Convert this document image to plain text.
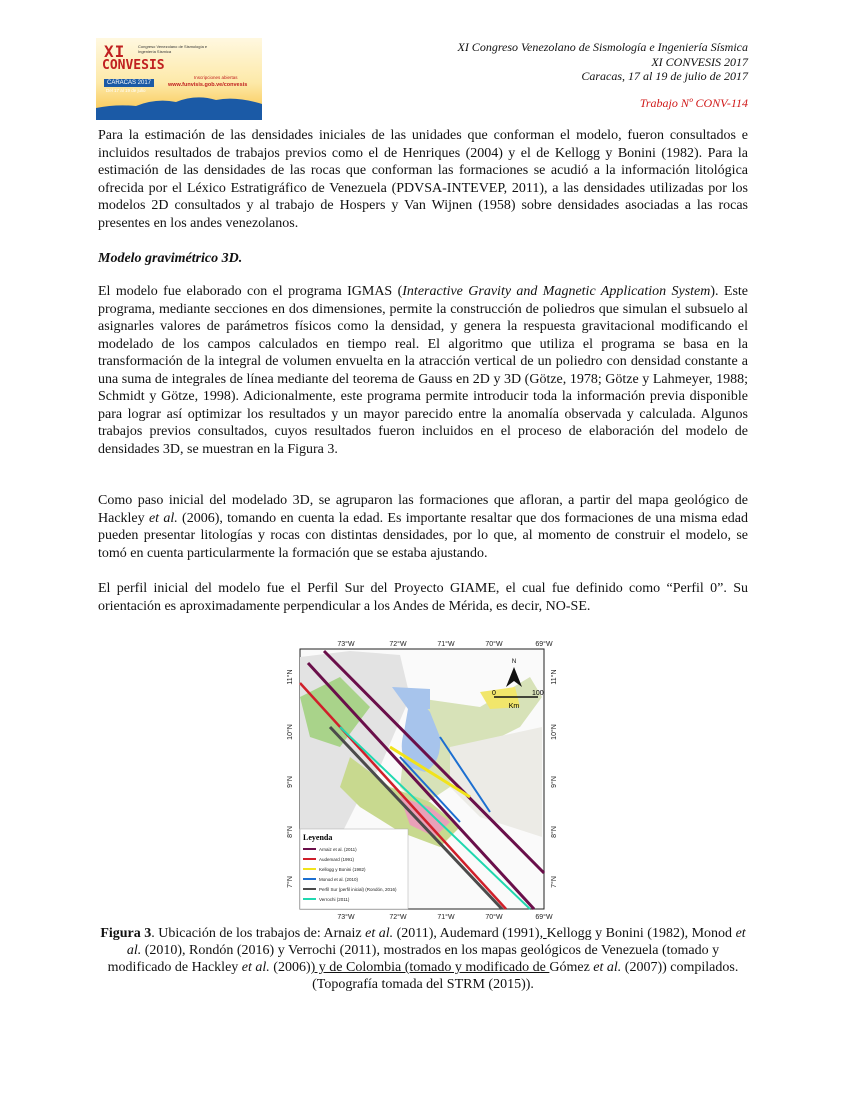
XI	Congreso Venezolano de Sismología e Ingeniería Sísmica
CONVESIS
CARACAS 2017
Inscripciones abiertas
www.funvisis.gob.ve/convesis
Del 17 al 19 de julio
XI Congreso Venezolano de Sismología e Ingeniería Sísmica
XI CONVESIS 2017
Caracas, 17 al 19 de julio de 2017
Trabajo Nº CONV-114

Para la estimación de las densidades iniciales de las unidades que conforman el modelo, fueron consultados e incluidos resultados de trabajos previos como el de Henriques (2004) y el de Kellogg y Bonini (1982). Para la estimación de las densidades de las rocas que conforman las formaciones se acudió a la información litológica ofrecida por el Léxico Estratigráfico de Venezuela (PDVSA-INTEVEP, 2011), a las densidades utilizadas por los modelos 2D consultados y al trabajo de Hospers y Van Wijnen (1958) sobre densidades asociadas a las rocas presentes en los andes venezolanos.

Modelo gravimétrico 3D.

El modelo fue elaborado con el programa IGMAS (Interactive Gravity and Magnetic Application System). Este programa, mediante secciones en dos dimensiones, permite la construcción de poliedros que simulan el subsuelo al asignarles valores de parámetros físicos como la densidad, y genera la respuesta gravitacional modificando el modelado de los campos calculados en tiempo real. El algoritmo que utiliza el programa se basa en la transformación de la integral de volumen envuelta en la atracción vertical de un poliedro con densidad constante a una suma de integrales de línea mediante del teorema de Gauss en 2D y 3D (Götze, 1978; Götze y Lahmeyer, 1988; Schmidt y Götze, 1998). Adicionalmente, este programa permite introducir toda la información previa disponible para lograr así optimizar los resultados y un mayor parecido entre la anomalía observada y calculada. Algunos trabajos previos consultados, cuyos resultados fueron incluidos en el proceso de elaboración del modelo de densidades 3D, se muestran en la Figura 3.

Como paso inicial del modelado 3D, se agruparon las formaciones que afloran, a partir del mapa geológico de Hackley et al. (2006), tomando en cuenta la edad. Es importante resaltar que dos formaciones de una misma edad pueden presentar litologías y rocas con distintas densidades, por lo que, al momento de construir el modelo, se tomó en cuenta particularmente la formación que se estaba ajustando.

El perfil inicial del modelo fue el Perfil Sur del Proyecto GIAME, el cual fue definido como “Perfil 0”. Su orientación es aproximadamente perpendicular a los Andes de Mérida, es decir, NO-SE.

73°W	72°W	71°W	70°W	69°W
73°W	72°W	71°W	70°W	69°W
11°N
10°N
9°N
8°N
7°N
11°N
10°N
9°N
8°N
7°N
N
0	100
Km
Leyenda
Arnaiz et al. (2011)
Audemard (1991)
Kellogg y Bonini (1982)
Monod et al. (2010)
Perfil Sur (perfil inicial) (Rondón, 2016)
Verrochi (2011)

Figura 3. Ubicación de los trabajos de: Arnaiz et al. (2011), Audemard (1991), Kellogg y Bonini (1982), Monod et al. (2010), Rondón (2016) y Verrochi (2011), mostrados en los mapas geológicos de Venezuela (tomado y modificado de Hackley et al. (2006)) y de Colombia (tomado y modificado de Gómez et al. (2007)) compilados. (Topografía tomada del STRM (2015)).
